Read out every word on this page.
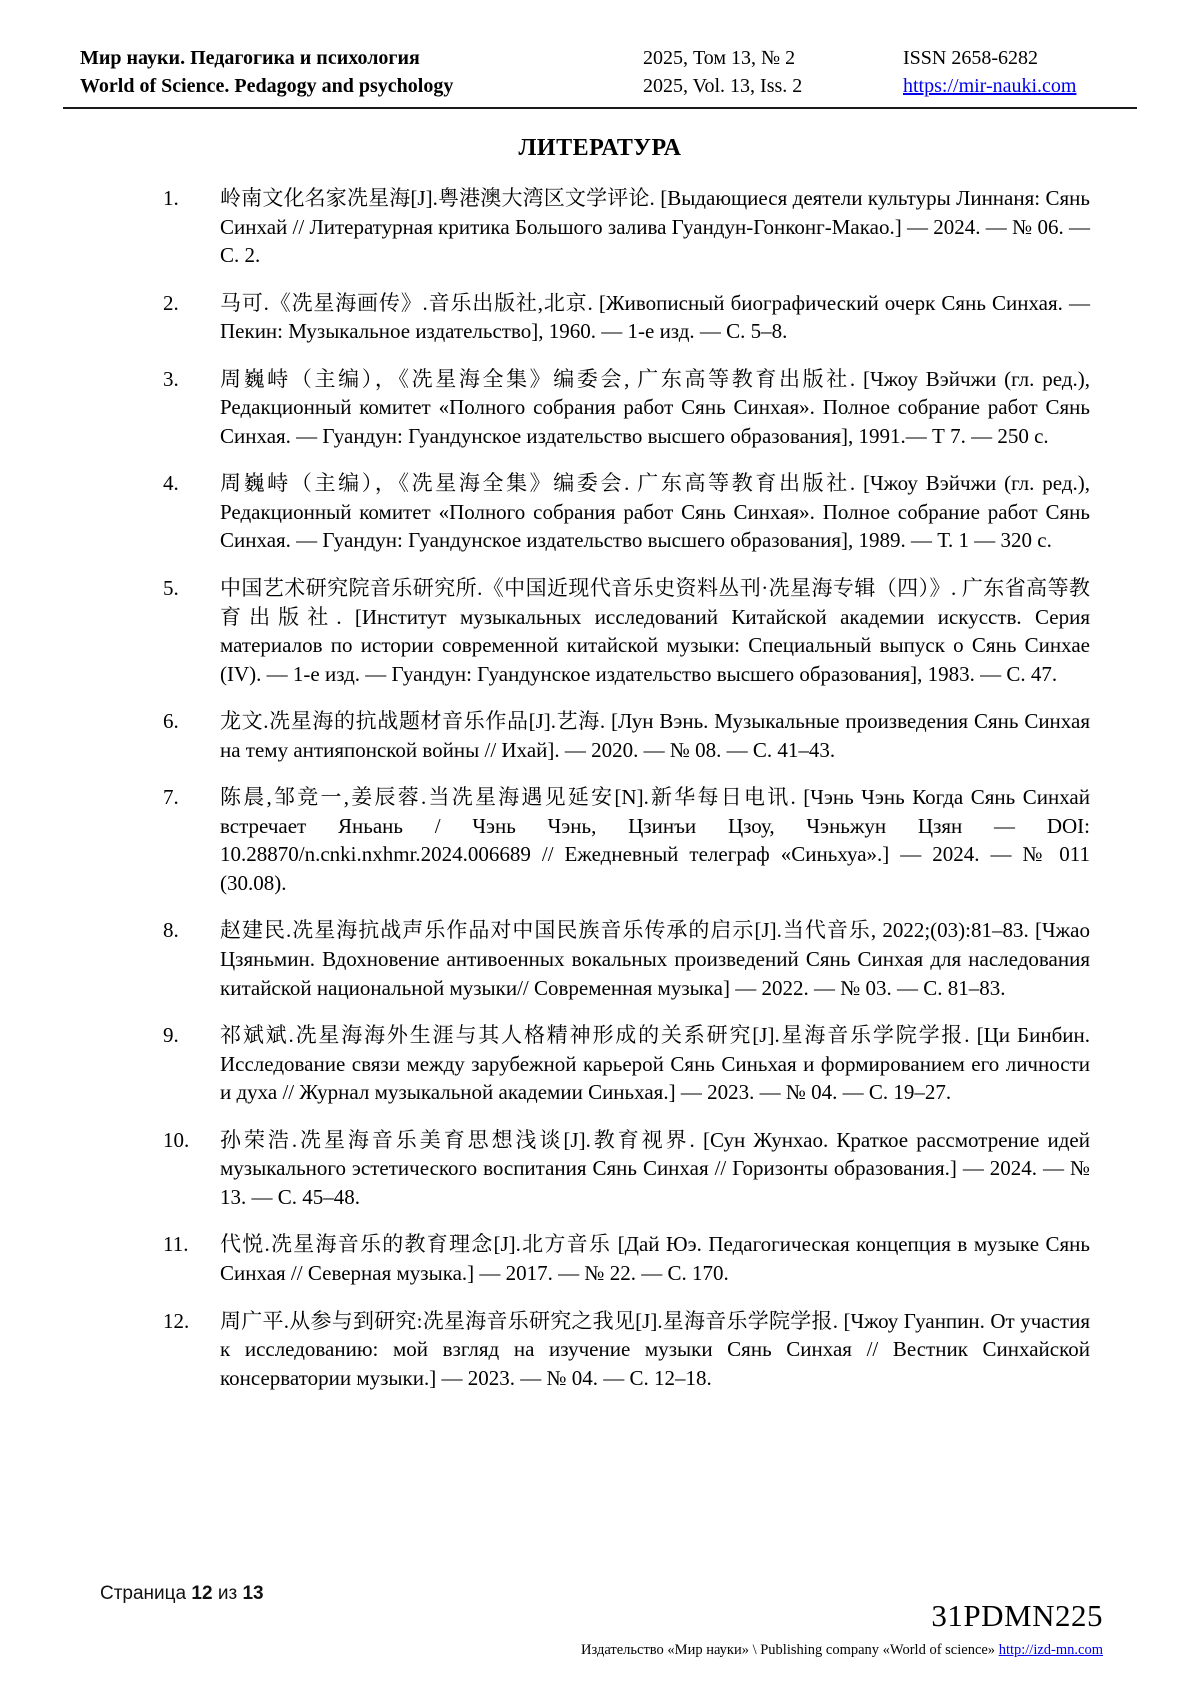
Мир науки. Педагогика и психология
World of Science. Pedagogy and psychology
2025, Том 13, № 2
2025, Vol. 13, Iss. 2
ISSN 2658-6282
https://mir-nauki.com
ЛИТЕРАТУРА
1. 岭南文化名家冼星海[J].粤港澳大湾区文学评论. [Выдающиеся деятели культуры Линнаня: Сянь Синхай // Литературная критика Большого залива Гуандун-Гонконг-Макао.] — 2024. — № 06. — С. 2.
2. 马可.《冼星海画传》.音乐出版社,北京. [Живописный биографический очерк Сянь Синхая. — Пекин: Музыкальное издательство], 1960. — 1-е изд. — С. 5–8.
3. 周巍峙（主编），《冼星海全集》编委会, 广东高等教育出版社. [Чжоу Вэйчжи (гл. ред.), Редакционный комитет «Полного собрания работ Сянь Синхая». Полное собрание работ Сянь Синхая. — Гуандун: Гуандунское издательство высшего образования], 1991.— Т 7. — 250 с.
4. 周巍峙（主编），《冼星海全集》编委会. 广东高等教育出版社. [Чжоу Вэйчжи (гл. ред.), Редакционный комитет «Полного собрания работ Сянь Синхая». Полное собрание работ Сянь Синхая. — Гуандун: Гуандунское издательство высшего образования], 1989. — Т. 1 — 320 с.
5. 中国艺术研究院音乐研究所.《中国近现代音乐史资料丛刊·冼星海专辑（四）》. 广东省高等教育出版社. [Институт музыкальных исследований Китайской академии искусств. Серия материалов по истории современной китайской музыки: Специальный выпуск о Сянь Синхае (IV). — 1-е изд. — Гуандун: Гуандунское издательство высшего образования], 1983. — С. 47.
6. 龙文.冼星海的抗战题材音乐作品[J].艺海. [Лун Вэнь. Музыкальные произведения Сянь Синхая на тему антияпонской войны // Ихай]. — 2020. — № 08. — С. 41–43.
7. 陈晨,邹竞一,姜辰蓉.当冼星海遇见延安[N].新华每日电讯. [Чэнь Чэнь Когда Сянь Синхай встречает Яньань / Чэнь Чэнь, Цзинъи Цзоу, Чэньжун Цзян — DOI: 10.28870/n.cnki.nxhmr.2024.006689 // Ежедневный телеграф «Синьхуа».] — 2024. — № 011 (30.08).
8. 赵建民.冼星海抗战声乐作品对中国民族音乐传承的启示[J].当代音乐, 2022;(03):81–83. [Чжао Цзяньмин. Вдохновение антивоенных вокальных произведений Сянь Синхая для наследования китайской национальной музыки// Современная музыка] — 2022. — № 03. — С. 81–83.
9. 祁斌斌.冼星海海外生涯与其人格精神形成的关系研究[J].星海音乐学院学报. [Ци Бинбин. Исследование связи между зарубежной карьерой Сянь Синьхая и формированием его личности и духа // Журнал музыкальной академии Синьхая.] — 2023. — № 04. — С. 19–27.
10. 孙荣浩.冼星海音乐美育思想浅谈[J].教育视界. [Сун Жунхао. Краткое рассмотрение идей музыкального эстетического воспитания Сянь Синхая // Горизонты образования.] — 2024. — № 13. — С. 45–48.
11. 代悦.冼星海音乐的教育理念[J].北方音乐 [Дай Юэ. Педагогическая концепция в музыке Сянь Синхая // Северная музыка.] — 2017. — № 22. — С. 170.
12. 周广平.从参与到研究:冼星海音乐研究之我见[J].星海音乐学院学报. [Чжоу Гуанпин. От участия к исследованию: мой взгляд на изучение музыки Сянь Синхая // Вестник Синхайской консерватории музыки.] — 2023. — № 04. — С. 12–18.
Страница 12 из 13
31PDMN225
Издательство «Мир науки» \ Publishing company «World of science» http://izd-mn.com
